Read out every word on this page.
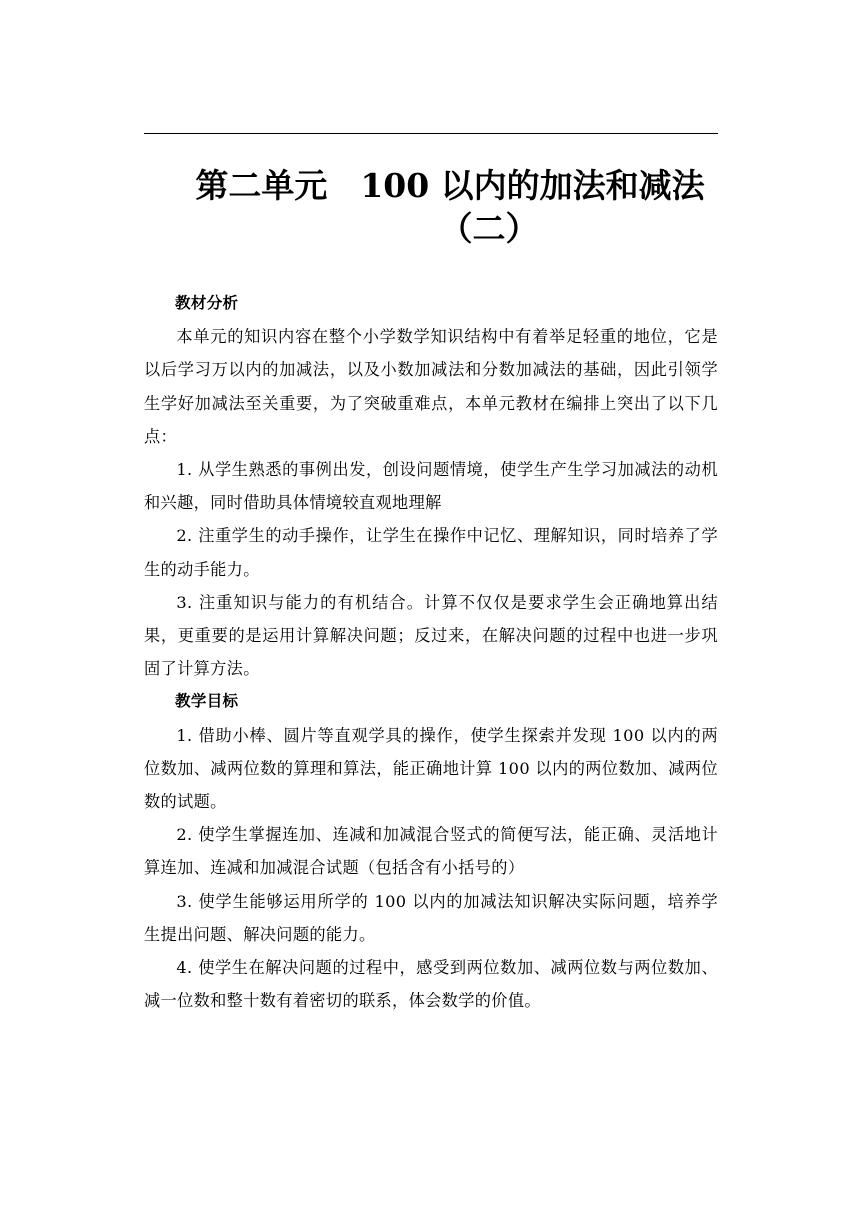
第二单元　100 以内的加法和减法
（二）

教材分析

本单元的知识内容在整个小学数学知识结构中有着举足轻重的地位，它是以后学习万以内的加减法，以及小数加减法和分数加减法的基础，因此引领学生学好加减法至关重要，为了突破重难点，本单元教材在编排上突出了以下几点：

1. 从学生熟悉的事例出发，创设问题情境，使学生产生学习加减法的动机和兴趣，同时借助具体情境较直观地理解

2. 注重学生的动手操作，让学生在操作中记忆、理解知识，同时培养了学生的动手能力。

3. 注重知识与能力的有机结合。计算不仅仅是要求学生会正确地算出结果，更重要的是运用计算解决问题；反过来，在解决问题的过程中也进一步巩固了计算方法。

教学目标

1. 借助小棒、圆片等直观学具的操作，使学生探索并发现 100 以内的两位数加、减两位数的算理和算法，能正确地计算 100 以内的两位数加、减两位数的试题。

2. 使学生掌握连加、连减和加减混合竖式的简便写法，能正确、灵活地计算连加、连减和加减混合试题（包括含有小括号的）

3. 使学生能够运用所学的 100 以内的加减法知识解决实际问题，培养学生提出问题、解决问题的能力。

4. 使学生在解决问题的过程中，感受到两位数加、减两位数与两位数加、减一位数和整十数有着密切的联系，体会数学的价值。
